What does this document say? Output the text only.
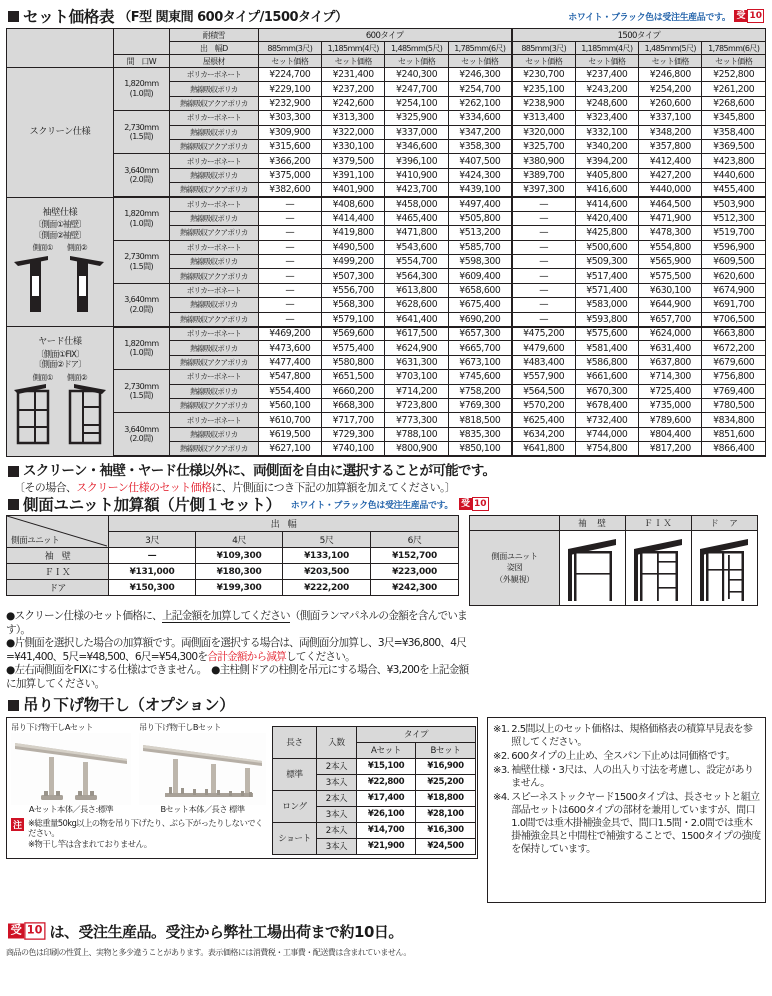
セット価格表 （F型 関東間 600タイプ/1500タイプ）	ホワイト・ブラック色は受注生産品です。 受 10
		耐積雪	600タイプ				1500タイプ			
		出　幅D	885mm(3尺)	1,185mm(4尺)	1,485mm(5尺)	1,785mm(6尺)	885mm(3尺)	1,185mm(4尺)	1,485mm(5尺)	1,785mm(6尺)
	間　口W	屋根材	セット価格	セット価格	セット価格	セット価格	セット価格	セット価格	セット価格	セット価格

スクリーン仕様	1,820mm
(1.0間)	ポリカーボネート	¥224,700	¥231,400	¥240,300	¥246,300	¥230,700	¥237,400	¥246,800	¥252,800
		熱線吸収ポリカ	¥229,100	¥237,200	¥247,700	¥254,700	¥235,100	¥243,200	¥254,200	¥261,200
		熱線吸収アクアポリカ	¥232,900	¥242,600	¥254,100	¥262,100	¥238,900	¥248,600	¥260,600	¥268,600
	2,730mm
(1.5間)	ポリカーボネート	¥303,300	¥313,300	¥325,900	¥334,600	¥313,400	¥323,400	¥337,100	¥345,800
		熱線吸収ポリカ	¥309,900	¥322,000	¥337,000	¥347,200	¥320,000	¥332,100	¥348,200	¥358,400
		熱線吸収アクアポリカ	¥315,600	¥330,100	¥346,600	¥358,300	¥325,700	¥340,200	¥357,800	¥369,500
	3,640mm
(2.0間)	ポリカーボネート	¥366,200	¥379,500	¥396,100	¥407,500	¥380,900	¥394,200	¥412,400	¥423,800
		熱線吸収ポリカ	¥375,000	¥391,100	¥410,900	¥424,300	¥389,700	¥405,800	¥427,200	¥440,600
		熱線吸収アクアポリカ	¥382,600	¥401,900	¥423,700	¥439,100	¥397,300	¥416,600	¥440,000	¥455,400

袖壁仕様
〔側面①袖壁〕
〔側面②袖壁〕
側面① 側面②
	1,820mm
(1.0間)	ポリカーボネート	—	¥408,600	¥458,000	¥497,400	—	¥414,600	¥464,500	¥503,900
		熱線吸収ポリカ	—	¥414,400	¥465,400	¥505,800	—	¥420,400	¥471,900	¥512,300
		熱線吸収アクアポリカ	—	¥419,800	¥471,800	¥513,200	—	¥425,800	¥478,300	¥519,700
	2,730mm
(1.5間)	ポリカーボネート	—	¥490,500	¥543,600	¥585,700	—	¥500,600	¥554,800	¥596,900
		熱線吸収ポリカ	—	¥499,200	¥554,700	¥598,300	—	¥509,300	¥565,900	¥609,500
		熱線吸収アクアポリカ	—	¥507,300	¥564,300	¥609,400	—	¥517,400	¥575,500	¥620,600
	3,640mm
(2.0間)	ポリカーボネート	—	¥556,700	¥613,800	¥658,600	—	¥571,400	¥630,100	¥674,900
		熱線吸収ポリカ	—	¥568,300	¥628,600	¥675,400	—	¥583,000	¥644,900	¥691,700
		熱線吸収アクアポリカ	—	¥579,100	¥641,400	¥690,200	—	¥593,800	¥657,700	¥706,500

ヤード仕様
〔側面①FIX〕
〔側面②ドア〕
側面① 側面②
	1,820mm
(1.0間)	ポリカーボネート	¥469,200	¥569,600	¥617,500	¥657,300	¥475,200	¥575,600	¥624,000	¥663,800
		熱線吸収ポリカ	¥473,600	¥575,400	¥624,900	¥665,700	¥479,600	¥581,400	¥631,400	¥672,200
		熱線吸収アクアポリカ	¥477,400	¥580,800	¥631,300	¥673,100	¥483,400	¥586,800	¥637,800	¥679,600
	2,730mm
(1.5間)	ポリカーボネート	¥547,800	¥651,500	¥703,100	¥745,600	¥557,900	¥661,600	¥714,300	¥756,800
		熱線吸収ポリカ	¥554,400	¥660,200	¥714,200	¥758,200	¥564,500	¥670,300	¥725,400	¥769,400
		熱線吸収アクアポリカ	¥560,100	¥668,300	¥723,800	¥769,300	¥570,200	¥678,400	¥735,000	¥780,500
	3,640mm
(2.0間)	ポリカーボネート	¥610,700	¥717,700	¥773,300	¥818,500	¥625,400	¥732,400	¥789,600	¥834,800
		熱線吸収ポリカ	¥619,500	¥729,300	¥788,100	¥835,300	¥634,200	¥744,000	¥804,400	¥851,600
		熱線吸収アクアポリカ	¥627,100	¥740,100	¥800,900	¥850,100	¥641,800	¥754,800	¥817,200	¥866,400
スクリーン・袖壁・ヤード仕様以外に、両側面を自由に選択することが可能です。
〔その場合、スクリーン仕様のセット価格に、片側面につき下記の加算額を加えてください。〕
側面ユニット加算額（片側１セット） ホワイト・ブラック色は受注生産品です。 受 10
側面ユニット	出　幅			
	3尺	4尺	5尺	6尺
袖　壁	—	¥109,300	¥133,100	¥152,700
ＦＩＸ	¥131,000	¥180,300	¥203,500	¥223,000
ドア	¥150,300	¥199,300	¥222,200	¥242,300
	袖　壁	ＦＩＸ	ド　ア

側面ユニット
姿図
（外観視）

●スクリーン仕様のセット価格に、上記金額を加算してください（側面ランマパネルの金額を含んでいます）。
●片側面を選択した場合の加算額です。両側面を選択する場合は、両側面分加算し、3尺=¥36,800、4尺=¥41,400、5尺=¥48,500、6尺=¥54,300を合計金額から減算してください。
●左右両側面をFIXにする仕様はできません。　●主柱側ドアの柱側を吊元にする場合、¥3,200を上記金額に加算してください。
吊り下げ物干し（オプション）
吊り下げ物干しAセット	吊り下げ物干しBセット
Aセット本体／長さ:標準	Bセット本体／長さ 標準
注 ※総重量50kg以上の物を吊り下げたり、ぶら下がったりしないでください。
※物干し竿は含まれておりません。
長さ	入数	タイプ	
		Aセット	Bセット
標準	2本入	¥15,100	¥16,900
	3本入	¥22,800	¥25,200
ロング	2本入	¥17,400	¥18,800
	3本入	¥26,100	¥28,100
ショート	2本入	¥14,700	¥16,300
	3本入	¥21,900	¥24,500
※1. 2.5間以上のセット価格は、規格価格表の積算早見表を参照してください。
※2. 600タイプの上止め、全スパン下止めは同価格です。
※3. 袖壁仕様・3尺は、人の出入り寸法を考慮し、設定がありません。
※4. スピーネストックヤード1500タイプは、長さセットと組立部品セットは600タイプの部材を兼用していますが、間口1.0間では垂木掛補強金具で、間口1.5間・2.0間では垂木掛補強金具と中間柱で補強することで、1500タイプの強度を保持しています。
受 10 は、受注生産品。受注から弊社工場出荷まで約10日。
商品の色は印刷の性質上、実物と多少違うことがあります。表示価格には消費税・工事費・配送費は含まれていません。
